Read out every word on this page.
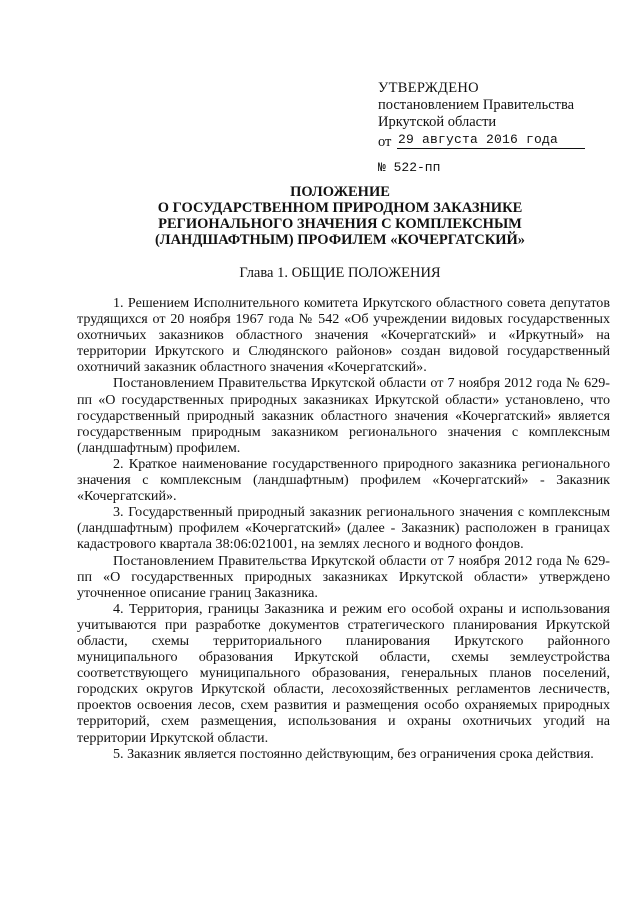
УТВЕРЖДЕНО
постановлением Правительства
Иркутской области
от 29 августа 2016 года
№ 522-пп
ПОЛОЖЕНИЕ
О ГОСУДАРСТВЕННОМ ПРИРОДНОМ ЗАКАЗНИКЕ
РЕГИОНАЛЬНОГО ЗНАЧЕНИЯ С КОМПЛЕКСНЫМ
(ЛАНДШАФТНЫМ) ПРОФИЛЕМ «КОЧЕРГАТСКИЙ»
Глава 1. ОБЩИЕ ПОЛОЖЕНИЯ

1. Решением Исполнительного комитета Иркутского областного совета депутатов трудящихся от 20 ноября 1967 года № 542 «Об учреждении видовых государственных охотничьих заказников областного значения «Кочергатский» и «Иркутный» на территории Иркутского и Слюдянского районов» создан видовой государственный охотничий заказник областного значения «Кочергатский».

Постановлением Правительства Иркутской области от 7 ноября 2012 года № 629-пп «О государственных природных заказниках Иркутской области» установлено, что государственный природный заказник областного значения «Кочергатский» является государственным природным заказником регионального значения с комплексным (ландшафтным) профилем.

2. Краткое наименование государственного природного заказника регионального значения с комплексным (ландшафтным) профилем «Кочергатский» - Заказник «Кочергатский».

3. Государственный природный заказник регионального значения с комплексным (ландшафтным) профилем «Кочергатский» (далее - Заказник) расположен в границах кадастрового квартала 38:06:021001, на землях лесного и водного фондов.

Постановлением Правительства Иркутской области от 7 ноября 2012 года № 629-пп «О государственных природных заказниках Иркутской области» утверждено уточненное описание границ Заказника.

4. Территория, границы Заказника и режим его особой охраны и использования учитываются при разработке документов стратегического планирования Иркутской области, схемы территориального планирования Иркутского районного муниципального образования Иркутской области, схемы землеустройства соответствующего муниципального образования, генеральных планов поселений, городских округов Иркутской области, лесохозяйственных регламентов лесничеств, проектов освоения лесов, схем развития и размещения особо охраняемых природных территорий, схем размещения, использования и охраны охотничьих угодий на территории Иркутской области.

5. Заказник является постоянно действующим, без ограничения срока действия.
